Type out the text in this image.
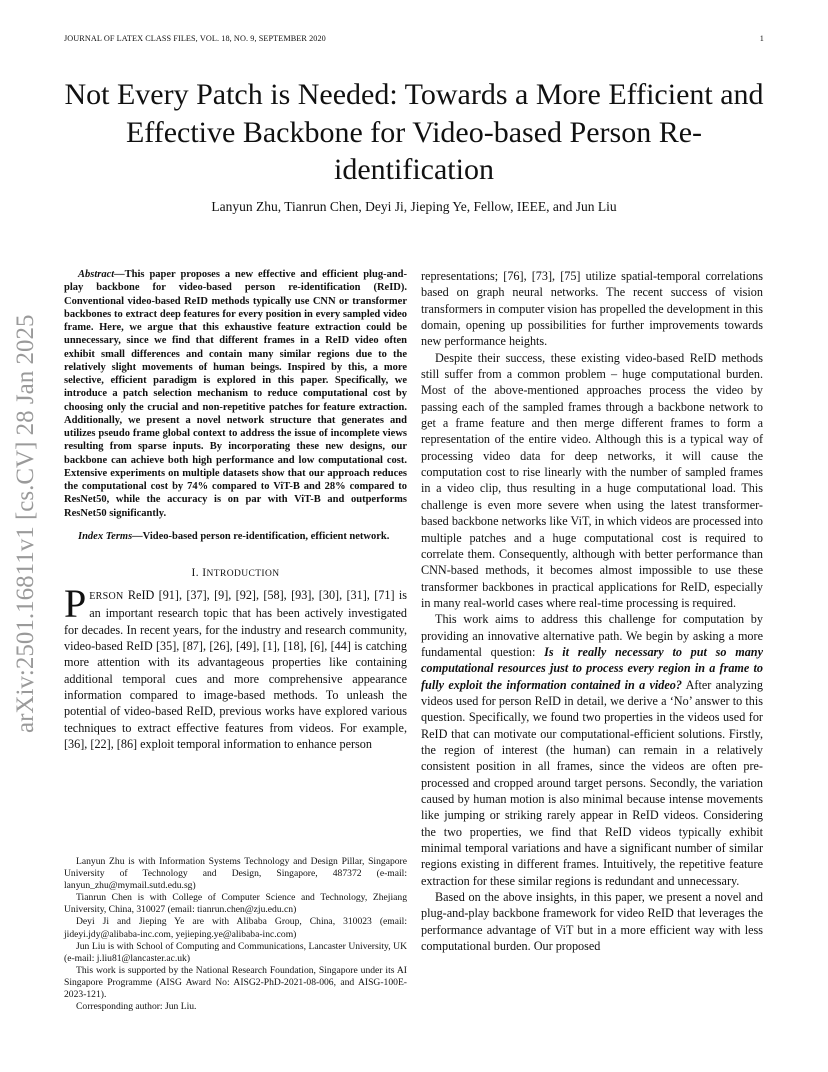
JOURNAL OF LATEX CLASS FILES, VOL. 18, NO. 9, SEPTEMBER 2020	1
arXiv:2501.16811v1 [cs.CV] 28 Jan 2025
Not Every Patch is Needed: Towards a More Efficient and Effective Backbone for Video-based Person Re-identification
Lanyun Zhu, Tianrun Chen, Deyi Ji, Jieping Ye, Fellow, IEEE, and Jun Liu

Abstract—This paper proposes a new effective and efficient plug-and-play backbone for video-based person re-identification (ReID). Conventional video-based ReID methods typically use CNN or transformer backbones to extract deep features for every position in every sampled video frame. Here, we argue that this exhaustive feature extraction could be unnecessary, since we find that different frames in a ReID video often exhibit small differences and contain many similar regions due to the relatively slight movements of human beings. Inspired by this, a more selective, efficient paradigm is explored in this paper. Specifically, we introduce a patch selection mechanism to reduce computational cost by choosing only the crucial and non-repetitive patches for feature extraction. Additionally, we present a novel network structure that generates and utilizes pseudo frame global context to address the issue of incomplete views resulting from sparse inputs. By incorporating these new designs, our backbone can achieve both high performance and low computational cost. Extensive experiments on multiple datasets show that our approach reduces the computational cost by 74% compared to ViT-B and 28% compared to ResNet50, while the accuracy is on par with ViT-B and outperforms ResNet50 significantly.

Index Terms—Video-based person re-identification, efficient network.

I. INTRODUCTION

PERSON ReID [91], [37], [9], [92], [58], [93], [30], [31], [71] is an important research topic that has been actively investigated for decades. In recent years, for the industry and research community, video-based ReID [35], [87], [26], [49], [1], [18], [6], [44] is catching more attention with its advantageous properties like containing additional temporal cues and more comprehensive appearance information compared to image-based methods. To unleash the potential of video-based ReID, previous works have explored various techniques to extract effective features from videos. For example, [36], [22], [86] exploit temporal information to enhance person

Lanyun Zhu is with Information Systems Technology and Design Pillar, Singapore University of Technology and Design, Singapore, 487372 (e-mail: lanyun_zhu@mymail.sutd.edu.sg)

Tianrun Chen is with College of Computer Science and Technology, Zhejiang University, China, 310027 (email: tianrun.chen@zju.edu.cn)

Deyi Ji and Jieping Ye are with Alibaba Group, China, 310023 (email: jideyi.jdy@alibaba-inc.com, yejieping.ye@alibaba-inc.com)

Jun Liu is with School of Computing and Communications, Lancaster University, UK (e-mail: j.liu81@lancaster.ac.uk)

This work is supported by the National Research Foundation, Singapore under its AI Singapore Programme (AISG Award No: AISG2-PhD-2021-08-006, and AISG-100E-2023-121).

Corresponding author: Jun Liu.

representations; [76], [73], [75] utilize spatial-temporal correlations based on graph neural networks. The recent success of vision transformers in computer vision has propelled the development in this domain, opening up possibilities for further improvements towards new performance heights.

Despite their success, these existing video-based ReID methods still suffer from a common problem – huge computational burden. Most of the above-mentioned approaches process the video by passing each of the sampled frames through a backbone network to get a frame feature and then merge different frames to form a representation of the entire video. Although this is a typical way of processing video data for deep networks, it will cause the computation cost to rise linearly with the number of sampled frames in a video clip, thus resulting in a huge computational load. This challenge is even more severe when using the latest transformer-based backbone networks like ViT, in which videos are processed into multiple patches and a huge computational cost is required to correlate them. Consequently, although with better performance than CNN-based methods, it becomes almost impossible to use these transformer backbones in practical applications for ReID, especially in many real-world cases where real-time processing is required.

This work aims to address this challenge for computation by providing an innovative alternative path. We begin by asking a more fundamental question: Is it really necessary to put so many computational resources just to process every region in a frame to fully exploit the information contained in a video? After analyzing videos used for person ReID in detail, we derive a ‘No’ answer to this question. Specifically, we found two properties in the videos used for ReID that can motivate our computational-efficient solutions. Firstly, the region of interest (the human) can remain in a relatively consistent position in all frames, since the videos are often pre-processed and cropped around target persons. Secondly, the variation caused by human motion is also minimal because intense movements like jumping or striking rarely appear in ReID videos. Considering the two properties, we find that ReID videos typically exhibit minimal temporal variations and have a significant number of similar regions existing in different frames. Intuitively, the repetitive feature extraction for these similar regions is redundant and unnecessary.

Based on the above insights, in this paper, we present a novel and plug-and-play backbone framework for video ReID that leverages the performance advantage of ViT but in a more efficient way with less computational burden. Our proposed
